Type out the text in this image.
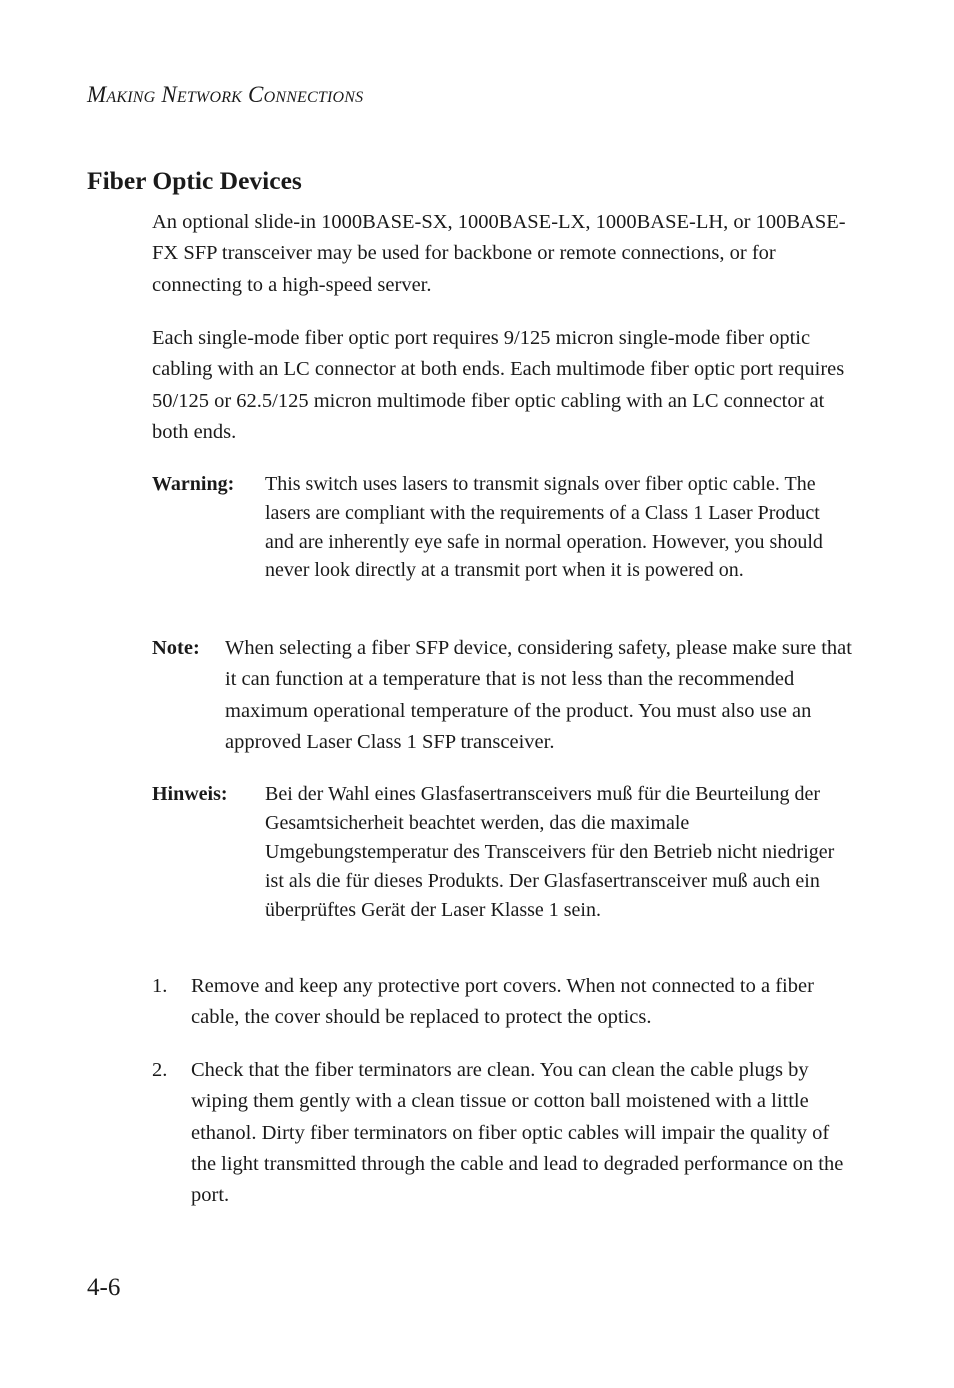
MAKING NETWORK CONNECTIONS
Fiber Optic Devices

An optional slide-in 1000BASE-SX, 1000BASE-LX, 1000BASE-LH, or 100BASE-FX SFP transceiver may be used for backbone or remote connections, or for connecting to a high-speed server.

Each single-mode fiber optic port requires 9/125 micron single-mode fiber optic cabling with an LC connector at both ends. Each multimode fiber optic port requires 50/125 or 62.5/125 micron multimode fiber optic cabling with an LC connector at both ends.

Warning: This switch uses lasers to transmit signals over fiber optic cable. The lasers are compliant with the requirements of a Class 1 Laser Product and are inherently eye safe in normal operation. However, you should never look directly at a transmit port when it is powered on.
Note: When selecting a fiber SFP device, considering safety, please make sure that it can function at a temperature that is not less than the recommended maximum operational temperature of the product. You must also use an approved Laser Class 1 SFP transceiver.
Hinweis: Bei der Wahl eines Glasfasertransceivers muß für die Beurteilung der Gesamtsicherheit beachtet werden, das die maximale Umgebungstemperatur des Transceivers für den Betrieb nicht niedriger ist als die für dieses Produkts. Der Glasfasertransceiver muß auch ein überprüftes Gerät der Laser Klasse 1 sein.
1. Remove and keep any protective port covers. When not connected to a fiber cable, the cover should be replaced to protect the optics.
2. Check that the fiber terminators are clean. You can clean the cable plugs by wiping them gently with a clean tissue or cotton ball moistened with a little ethanol. Dirty fiber terminators on fiber optic cables will impair the quality of the light transmitted through the cable and lead to degraded performance on the port.
4-6
